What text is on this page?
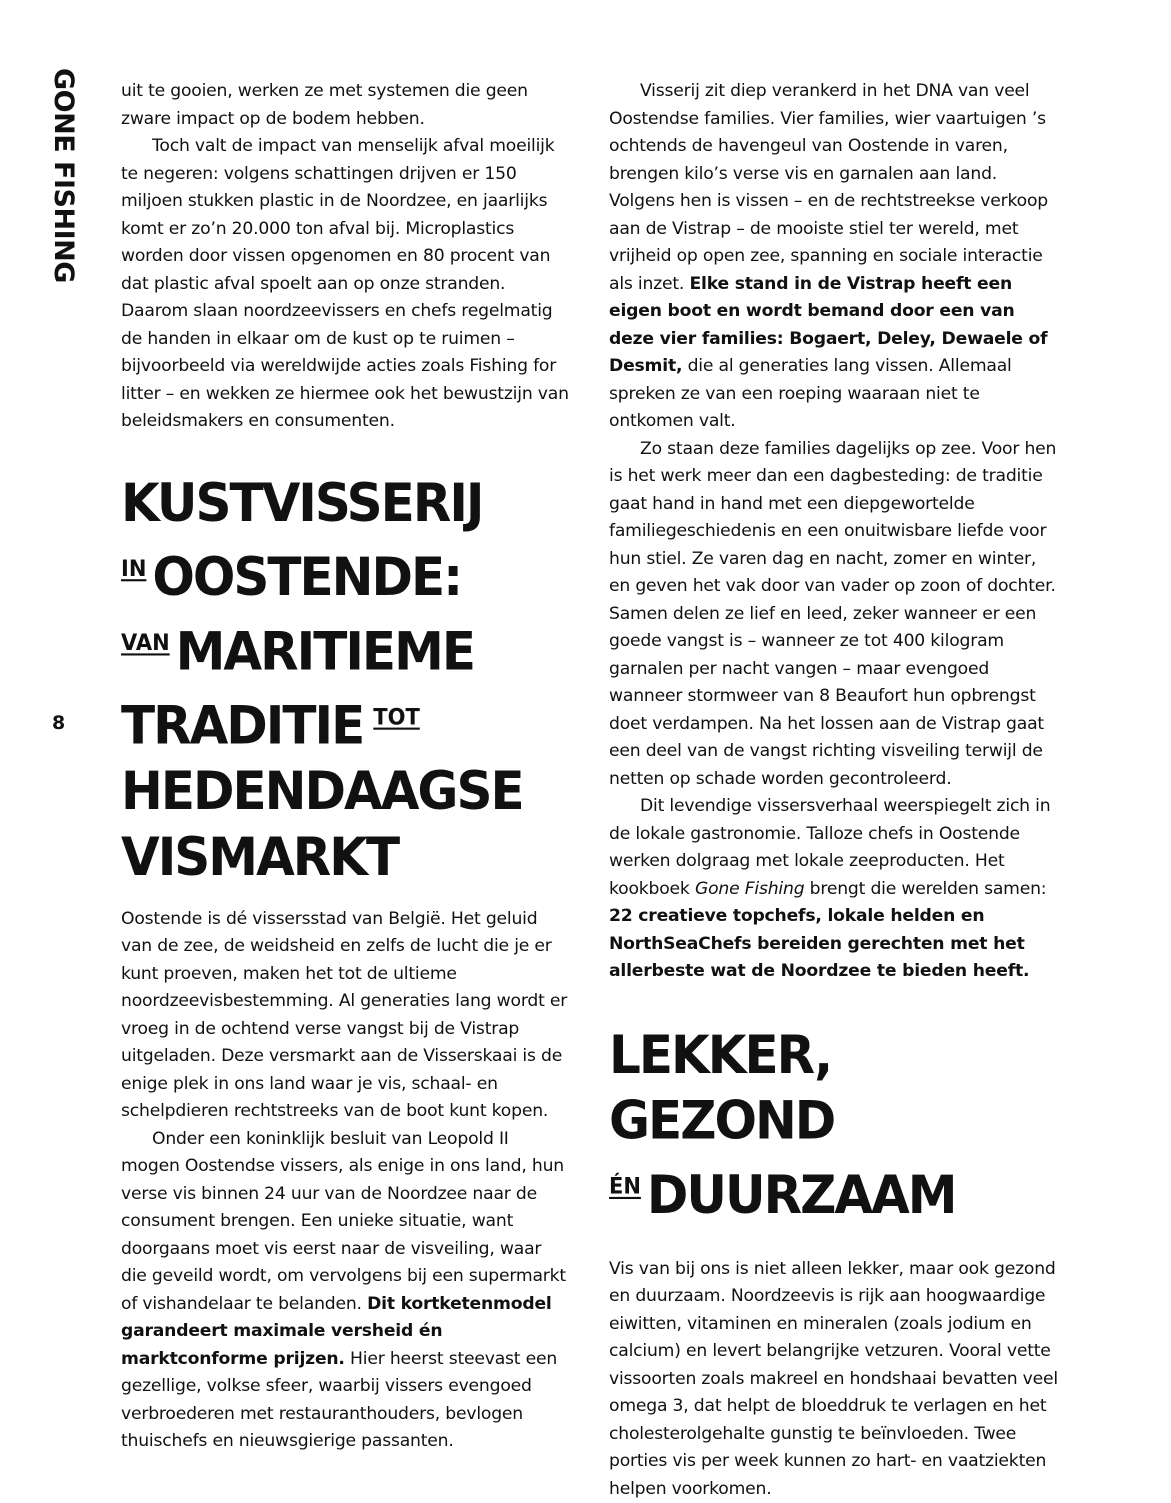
GONE FISHING
8

uit te gooien, werken ze met systemen die geen zware impact op de bodem hebben.

Toch valt de impact van menselijk afval moeilijk te negeren: volgens schattingen drijven er 150 miljoen stukken plastic in de Noordzee, en jaarlijks komt er zo’n 20.000 ton afval bij. Microplastics worden door vissen opgenomen en 80 procent van dat plastic afval spoelt aan op onze stranden. Daarom slaan noordzeevissers en chefs regelmatig de handen in elkaar om de kust op te ruimen – bijvoorbeeld via wereldwijde acties zoals Fishing for litter – en wekken ze hiermee ook het bewustzijn van beleidsmakers en consumenten.

KUSTVISSERIJ
$^{IN}$ OOSTENDE:
$^{VAN}$ MARITIEME
TRADITIE $^{TOT}$
HEDENDAAGSE
VISMARKT

Oostende is dé vissersstad van België. Het geluid van de zee, de weidsheid en zelfs de lucht die je er kunt proeven, maken het tot de ultieme noordzeevisbestemming. Al generaties lang wordt er vroeg in de ochtend verse vangst bij de Vistrap uitgeladen. Deze versmarkt aan de Visserskaai is de enige plek in ons land waar je vis, schaal- en schelpdieren rechtstreeks van de boot kunt kopen.

Onder een koninklijk besluit van Leopold II mogen Oostendse vissers, als enige in ons land, hun verse vis binnen 24 uur van de Noordzee naar de consument brengen. Een unieke situatie, want doorgaans moet vis eerst naar de visveiling, waar die geveild wordt, om vervolgens bij een supermarkt of vishandelaar te belanden. Dit kortketenmodel garandeert maximale versheid én marktconforme prijzen. Hier heerst steevast een gezellige, volkse sfeer, waarbij vissers evengoed verbroederen met restauranthouders, bevlogen thuischefs en nieuwsgierige passanten.

Visserij zit diep verankerd in het DNA van veel Oostendse families. Vier families, wier vaartuigen ’s ochtends de havengeul van Oostende in varen, brengen kilo’s verse vis en garnalen aan land. Volgens hen is vissen – en de rechtstreekse verkoop aan de Vistrap – de mooiste stiel ter wereld, met vrijheid op open zee, spanning en sociale interactie als inzet. Elke stand in de Vistrap heeft een eigen boot en wordt bemand door een van deze vier families: Bogaert, Deley, Dewaele of Desmit, die al generaties lang vissen. Allemaal spreken ze van een roeping waaraan niet te ontkomen valt.

Zo staan deze families dagelijks op zee. Voor hen is het werk meer dan een dagbesteding: de traditie gaat hand in hand met een diepgewortelde familiegeschiedenis en een onuitwisbare liefde voor hun stiel. Ze varen dag en nacht, zomer en winter, en geven het vak door van vader op zoon of dochter. Samen delen ze lief en leed, zeker wanneer er een goede vangst is – wanneer ze tot 400 kilogram garnalen per nacht vangen – maar evengoed wanneer stormweer van 8 Beaufort hun opbrengst doet verdampen. Na het lossen aan de Vistrap gaat een deel van de vangst richting visveiling terwijl de netten op schade worden gecontroleerd.

Dit levendige vissersverhaal weerspiegelt zich in de lokale gastronomie. Talloze chefs in Oostende werken dolgraag met lokale zeeproducten. Het kookboek Gone Fishing brengt die werelden samen: 22 creatieve topchefs, lokale helden en NorthSeaChefs bereiden gerechten met het allerbeste wat de Noordzee te bieden heeft.

LEKKER, GEZOND
$^{ÉN}$ DUURZAAM

Vis van bij ons is niet alleen lekker, maar ook gezond en duurzaam. Noordzeevis is rijk aan hoogwaardige eiwitten, vitaminen en mineralen (zoals jodium en calcium) en levert belangrijke vetzuren. Vooral vette vissoorten zoals makreel en hondshaai bevatten veel omega 3, dat helpt de bloeddruk te verlagen en het cholesterolgehalte gunstig te beïnvloeden. Twee porties vis per week kunnen zo hart- en vaatziekten helpen voorkomen.
